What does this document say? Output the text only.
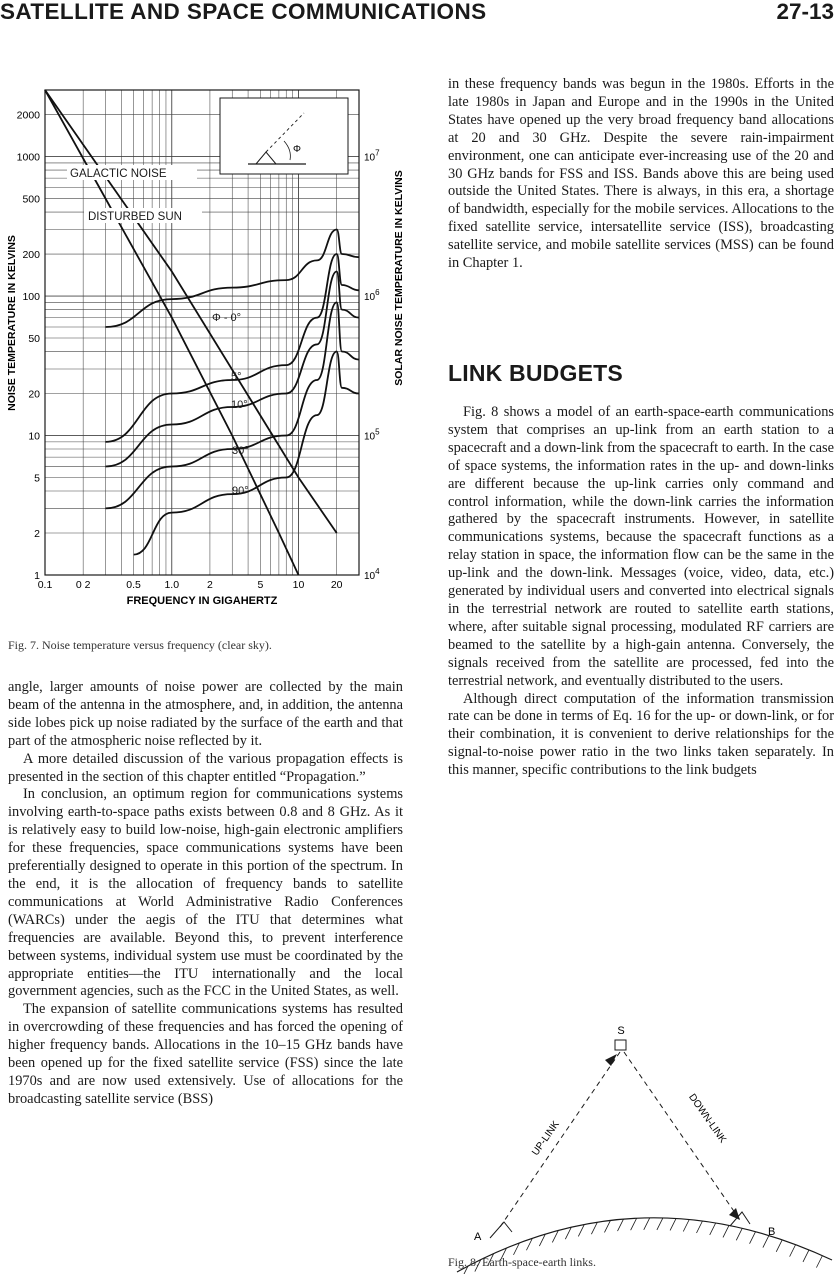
SATELLITE AND SPACE COMMUNICATIONS	27-13
Φ
GALACTIC NOISE
DISTURBED SUN
Φ - 0°
5°
10°
30°
90°
0.1 0 2	0.5 1.0	2	5	10	20
2000
1000
500
200
100
50
20
10
5
2
1
$10^7$
$10^6$
$10^5$
$10^4$
FREQUENCY IN GIGAHERTZ
NOISE TEMPERATURE IN KELVINS	SOLAR NOISE TEMPERATURE IN KELVINS
Fig. 7. Noise temperature versus frequency (clear sky).

angle, larger amounts of noise power are collected by the main beam of the antenna in the atmosphere, and, in addition, the antenna side lobes pick up noise radiated by the surface of the earth and that part of the atmospheric noise reflected by it.

A more detailed discussion of the various propagation effects is presented in the section of this chapter entitled “Propagation.”

In conclusion, an optimum region for communications systems involving earth-to-space paths exists between 0.8 and 8 GHz. As it is relatively easy to build low-noise, high-gain electronic amplifiers for these frequencies, space communications systems have been preferentially designed to operate in this portion of the spectrum. In the end, it is the allocation of frequency bands to satellite communications at World Administrative Radio Conferences (WARCs) under the aegis of the ITU that determines what frequencies are available. Beyond this, to prevent interference between systems, individual system use must be coordinated by the appropriate entities—the ITU internationally and the local government agencies, such as the FCC in the United States, as well.

The expansion of satellite communications systems has resulted in overcrowding of these frequencies and has forced the opening of higher frequency bands. Allocations in the 10–15 GHz bands have been opened up for the fixed satellite service (FSS) since the late 1970s and are now used extensively. Use of allocations for the broadcasting satellite service (BSS)

in these frequency bands was begun in the 1980s. Efforts in the late 1980s in Japan and Europe and in the 1990s in the United States have opened up the very broad frequency band allocations at 20 and 30 GHz. Despite the severe rain-impairment environment, one can anticipate ever-increasing use of the 20 and 30 GHz bands for FSS and ISS. Bands above this are being used outside the United States. There is always, in this era, a shortage of bandwidth, especially for the mobile services. Allocations to the fixed satellite service, intersatellite service (ISS), broadcasting satellite service, and mobile satellite services (MSS) can be found in Chapter 1.

LINK BUDGETS

Fig. 8 shows a model of an earth-space-earth communications system that comprises an up-link from an earth station to a spacecraft and a down-link from the spacecraft to earth. In the case of space systems, the information rates in the up- and down-links are different because the up-link carries only command and control information, while the down-link carries the information gathered by the spacecraft instruments. However, in satellite communications systems, because the spacecraft functions as a relay station in space, the information flow can be the same in the up-link and the down-link. Messages (voice, video, data, etc.) generated by individual users and converted into electrical signals in the terrestrial network are routed to satellite earth stations, where, after suitable signal processing, modulated RF carriers are beamed to the satellite by a high-gain antenna. Conversely, the signals received from the satellite are processed, fed into the terrestrial network, and eventually distributed to the users.

Although direct computation of the information transmission rate can be done in terms of Eq. 16 for the up- or down-link, or for their combination, it is convenient to derive relationships for the signal-to-noise power ratio in the two links taken separately. In this manner, specific contributions to the link budgets

S
UP-LINK	DOWN-LINK
A	B
Fig. 8. Earth-space-earth links.
